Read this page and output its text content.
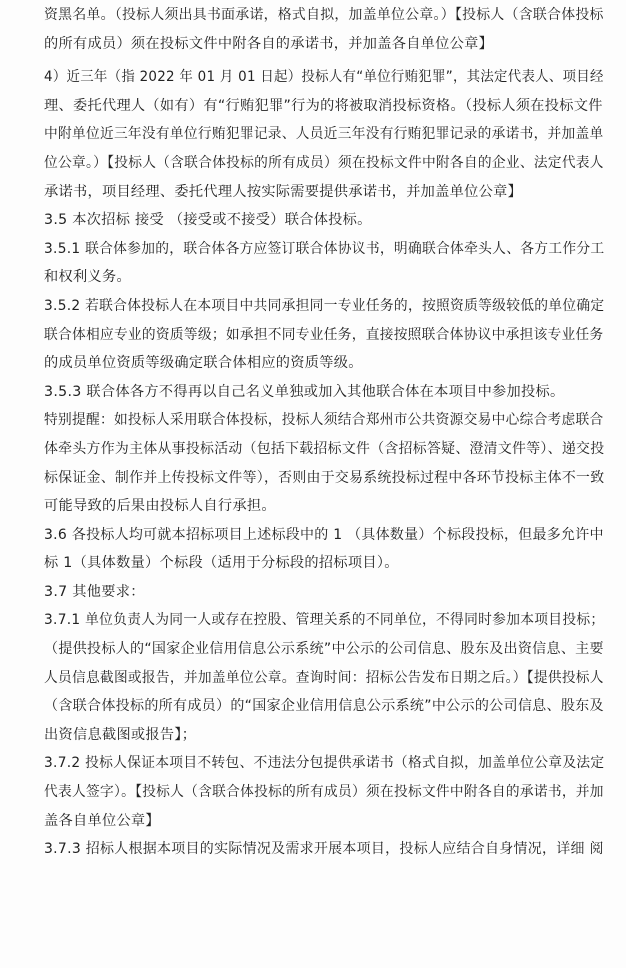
资黑名单。（投标人须出具书面承诺，格式自拟，加盖单位公章。）【投标人（含联合体投标
的所有成员）须在投标文件中附各自的承诺书，并加盖各自单位公章】
4）近三年（指 2022 年 01 月 01 日起）投标人有“单位行贿犯罪”，其法定代表人、项目经
理、委托代理人（如有）有“行贿犯罪”行为的将被取消投标资格。（投标人须在投标文件
中附单位近三年没有单位行贿犯罪记录、人员近三年没有行贿犯罪记录的承诺书，并加盖单
位公章。）【投标人（含联合体投标的所有成员）须在投标文件中附各自的企业、法定代表人
承诺书，项目经理、委托代理人按实际需要提供承诺书，并加盖单位公章】
3.5 本次招标 接受 （接受或不接受）联合体投标。
3.5.1 联合体参加的，联合体各方应签订联合体协议书，明确联合体牵头人、各方工作分工
和权利义务。
3.5.2 若联合体投标人在本项目中共同承担同一专业任务的，按照资质等级较低的单位确定
联合体相应专业的资质等级；如承担不同专业任务，直接按照联合体协议中承担该专业任务
的成员单位资质等级确定联合体相应的资质等级。
3.5.3 联合体各方不得再以自己名义单独或加入其他联合体在本项目中参加投标。
特别提醒：如投标人采用联合体投标，投标人须结合郑州市公共资源交易中心综合考虑联合
体牵头方作为主体从事投标活动（包括下载招标文件（含招标答疑、澄清文件等）、递交投
标保证金、制作并上传投标文件等），否则由于交易系统投标过程中各环节投标主体不一致
可能导致的后果由投标人自行承担。
3.6 各投标人均可就本招标项目上述标段中的 1 （具体数量）个标段投标，但最多允许中
标 1（具体数量）个标段（适用于分标段的招标项目）。
3.7 其他要求：
3.7.1 单位负责人为同一人或存在控股、管理关系的不同单位，不得同时参加本项目投标；
（提供投标人的“国家企业信用信息公示系统”中公示的公司信息、股东及出资信息、主要
人员信息截图或报告，并加盖单位公章。查询时间：招标公告发布日期之后。）【提供投标人
（含联合体投标的所有成员）的“国家企业信用信息公示系统”中公示的公司信息、股东及
出资信息截图或报告】；
3.7.2 投标人保证本项目不转包、不违法分包提供承诺书（格式自拟，加盖单位公章及法定
代表人签字）。【投标人（含联合体投标的所有成员）须在投标文件中附各自的承诺书，并加
盖各自单位公章】
3.7.3 招标人根据本项目的实际情况及需求开展本项目，投标人应结合自身情况，详细 阅
